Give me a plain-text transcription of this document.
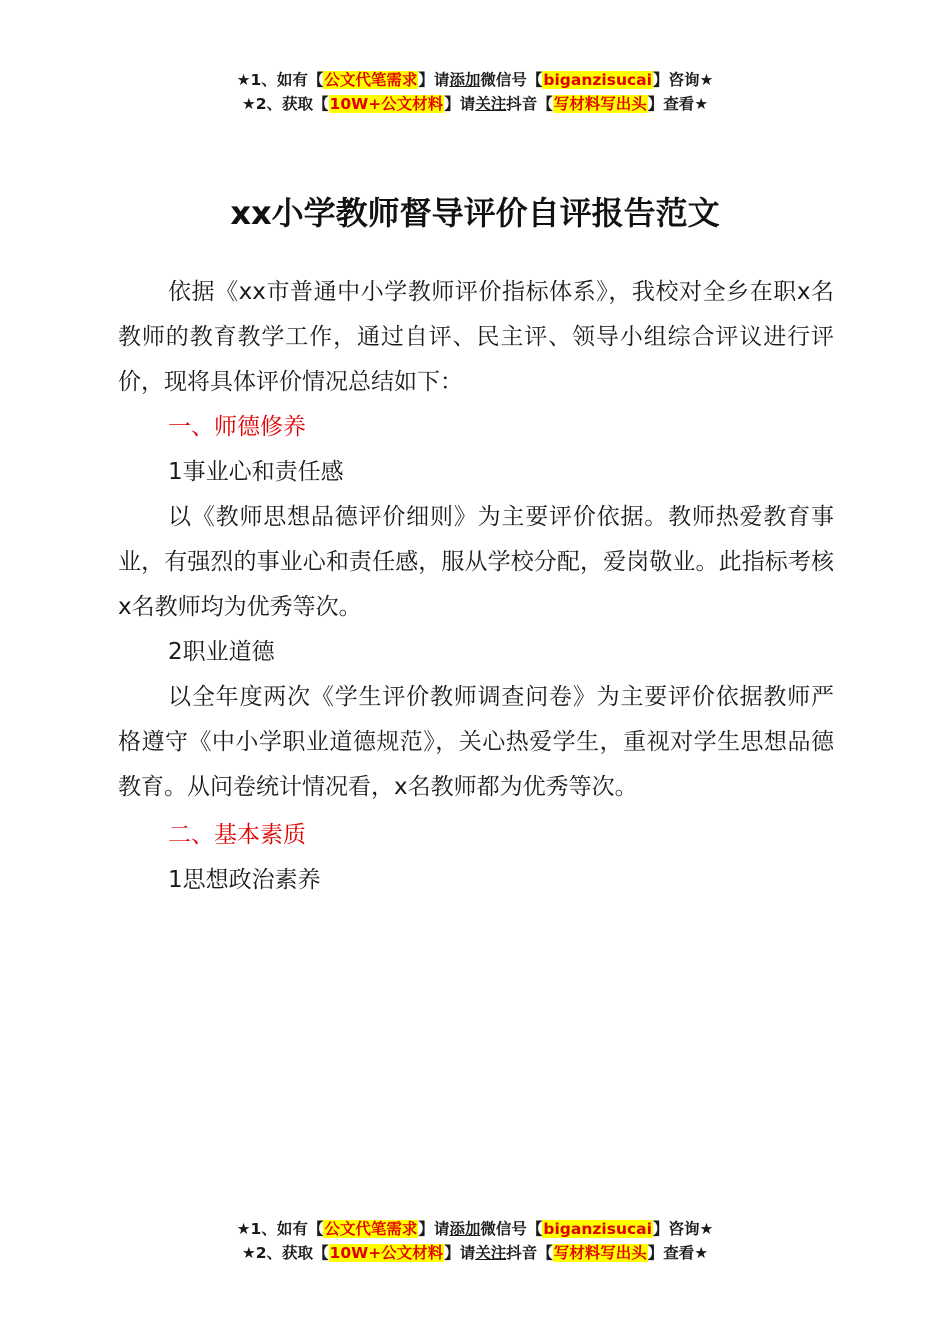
★1、如有【公文代笔需求】请添加微信号【biganzisucai】咨询★
★2、获取【10W+公文材料】请关注抖音【写材料写出头】查看★
xx小学教师督导评价自评报告范文

依据《xx市普通中小学教师评价指标体系》，我校对全乡在职x名教师的教育教学工作，通过自评、民主评、领导小组综合评议进行评价，现将具体评价情况总结如下：

一、师德修养

1事业心和责任感

以《教师思想品德评价细则》为主要评价依据。教师热爱教育事业，有强烈的事业心和责任感，服从学校分配，爱岗敬业。此指标考核x名教师均为优秀等次。

2职业道德

以全年度两次《学生评价教师调查问卷》为主要评价依据教师严格遵守《中小学职业道德规范》，关心热爱学生，重视对学生思想品德教育。从问卷统计情况看，x名教师都为优秀等次。

二、基本素质

1思想政治素养

★1、如有【公文代笔需求】请添加微信号【biganzisucai】咨询★
★2、获取【10W+公文材料】请关注抖音【写材料写出头】查看★
